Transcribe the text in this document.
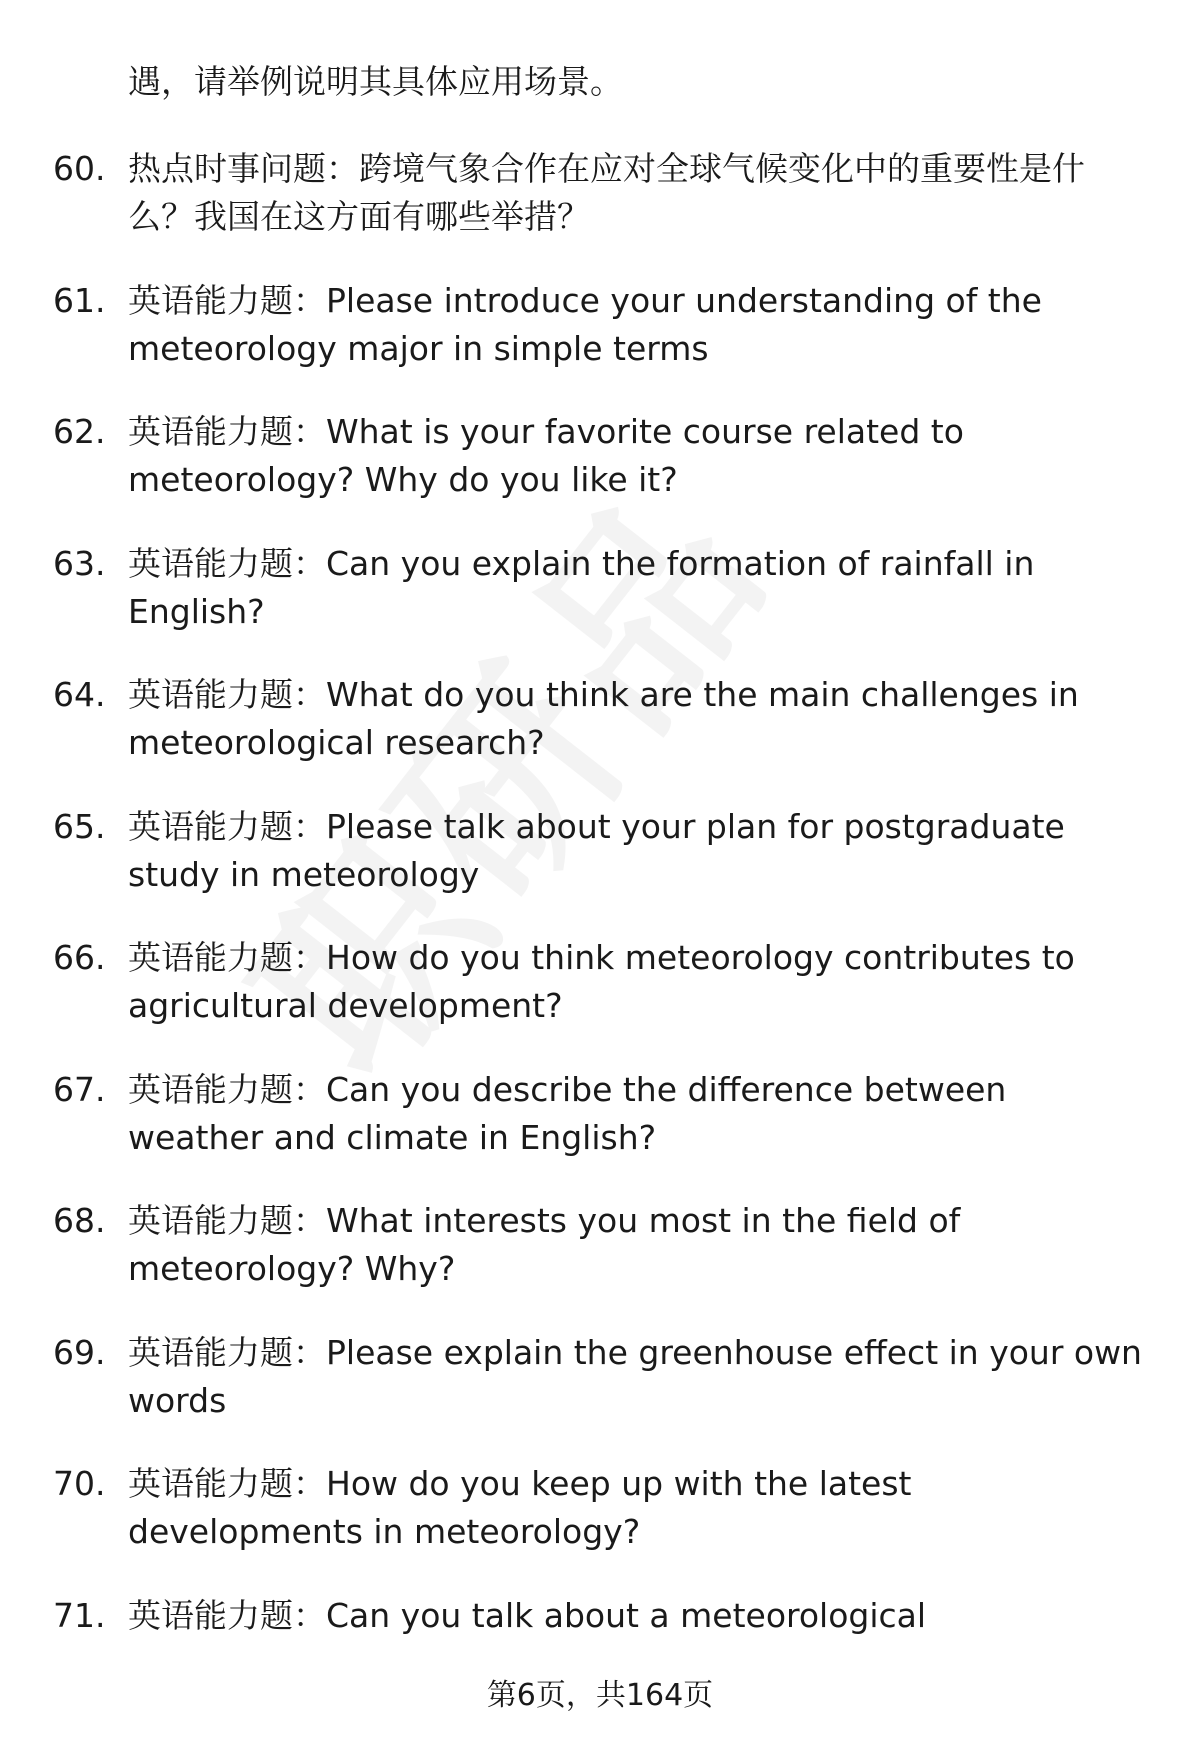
遇，请举例说明其具体应用场景。
60. 热点时事问题：跨境气象合作在应对全球气候变化中的重要性是什么？我国在这方面有哪些举措？
61. 英语能力题：Please introduce your understanding of the meteorology major in simple terms
62. 英语能力题：What is your favorite course related to meteorology? Why do you like it?
63. 英语能力题：Can you explain the formation of rainfall in English?
64. 英语能力题：What do you think are the main challenges in meteorological research?
65. 英语能力题：Please talk about your plan for postgraduate study in meteorology
66. 英语能力题：How do you think meteorology contributes to agricultural development?
67. 英语能力题：Can you describe the difference between weather and climate in English?
68. 英语能力题：What interests you most in the field of meteorology? Why?
69. 英语能力题：Please explain the greenhouse effect in your own words
70. 英语能力题：How do you keep up with the latest developments in meteorology?
71. 英语能力题：Can you talk about a meteorological
第6页，共164页
